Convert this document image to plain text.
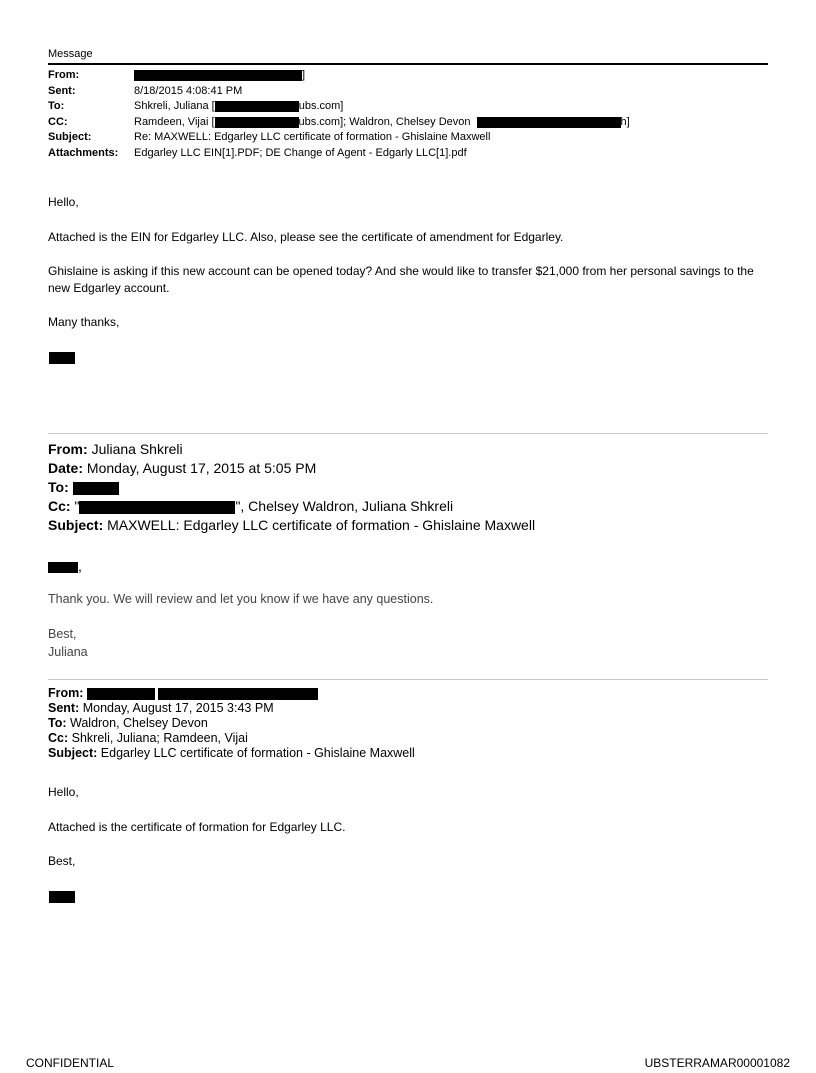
Message
From:	]
Sent:	8/18/2015 4:08:41 PM
To:	Shkreli, Juliana [	ubs.com]
CC:	Ramdeen, Vijai [	ubs.com]; Waldron, Chelsey Devon	h]
Subject:	Re: MAXWELL: Edgarley LLC certificate of formation - Ghislaine Maxwell
Attachments:	Edgarley LLC EIN[1].PDF; DE Change of Agent - Edgarly LLC[1].pdf
Hello,
Attached is the EIN for Edgarley LLC. Also, please see the certificate of amendment for Edgarley.
Ghislaine is asking if this new account can be opened today? And she would like to transfer $21,000 from her personal savings to the new Edgarley account.
Many thanks,
From: Juliana Shkreli
Date: Monday, August 17, 2015 at 5:05 PM
To:
Cc: "	", Chelsey Waldron, Juliana Shkreli
Subject: MAXWELL: Edgarley LLC certificate of formation - Ghislaine Maxwell
,
Thank you. We will review and let you know if we have any questions.
Best,
Juliana
From:
Sent: Monday, August 17, 2015 3:43 PM
To: Waldron, Chelsey Devon
Cc: Shkreli, Juliana; Ramdeen, Vijai
Subject: Edgarley LLC certificate of formation - Ghislaine Maxwell
Hello,
Attached is the certificate of formation for Edgarley LLC.
Best,
CONFIDENTIAL	UBSTERRAMAR00001082
